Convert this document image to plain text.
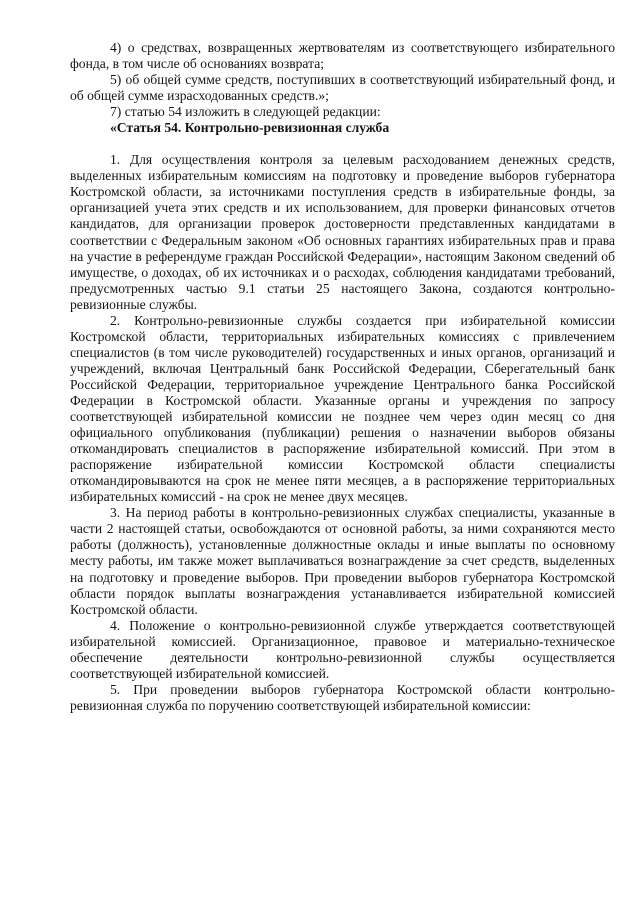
4) о средствах, возвращенных жертвователям из соответствующего избирательного фонда, в том числе об основаниях возврата;

5) об общей сумме средств, поступивших в соответствующий избирательный фонд, и об общей сумме израсходованных средств.»;

7) статью 54 изложить в следующей редакции:

«Статья 54. Контрольно-ревизионная служба

1. Для осуществления контроля за целевым расходованием денежных средств, выделенных избирательным комиссиям на подготовку и проведение выборов губернатора Костромской области, за источниками поступления средств в избирательные фонды, за организацией учета этих средств и их использованием, для проверки финансовых отчетов кандидатов, для организации проверок достоверности представленных кандидатами в соответствии с Федеральным законом «Об основных гарантиях избирательных прав и права на участие в референдуме граждан Российской Федерации», настоящим Законом сведений об имуществе, о доходах, об их источниках и о расходах, соблюдения кандидатами требований, предусмотренных частью 9.1 статьи 25 настоящего Закона, создаются контрольно-ревизионные службы.

2. Контрольно-ревизионные службы создается при избирательной комиссии Костромской области, территориальных избирательных комиссиях с привлечением специалистов (в том числе руководителей) государственных и иных органов, организаций и учреждений, включая Центральный банк Российской Федерации, Сберегательный банк Российской Федерации, территориальное учреждение Центрального банка Российской Федерации в Костромской области. Указанные органы и учреждения по запросу соответствующей избирательной комиссии не позднее чем через один месяц со дня официального опубликования (публикации) решения о назначении выборов обязаны откомандировать специалистов в распоряжение избирательной комиссий. При этом в распоряжение избирательной комиссии Костромской области специалисты откомандировываются на срок не менее пяти месяцев, а в распоряжение территориальных избирательных комиссий - на срок не менее двух месяцев.

3. На период работы в контрольно-ревизионных службах специалисты, указанные в части 2 настоящей статьи, освобождаются от основной работы, за ними сохраняются место работы (должность), установленные должностные оклады и иные выплаты по основному месту работы, им также может выплачиваться вознаграждение за счет средств, выделенных на подготовку и проведение выборов. При проведении выборов губернатора Костромской области порядок выплаты вознаграждения устанавливается избирательной комиссией Костромской области.

4. Положение о контрольно-ревизионной службе утверждается соответствующей избирательной комиссией. Организационное, правовое и материально-техническое обеспечение деятельности контрольно-ревизионной службы осуществляется соответствующей избирательной комиссией.

5. При проведении выборов губернатора Костромской области контрольно-ревизионная служба по поручению соответствующей избирательной комиссии:
